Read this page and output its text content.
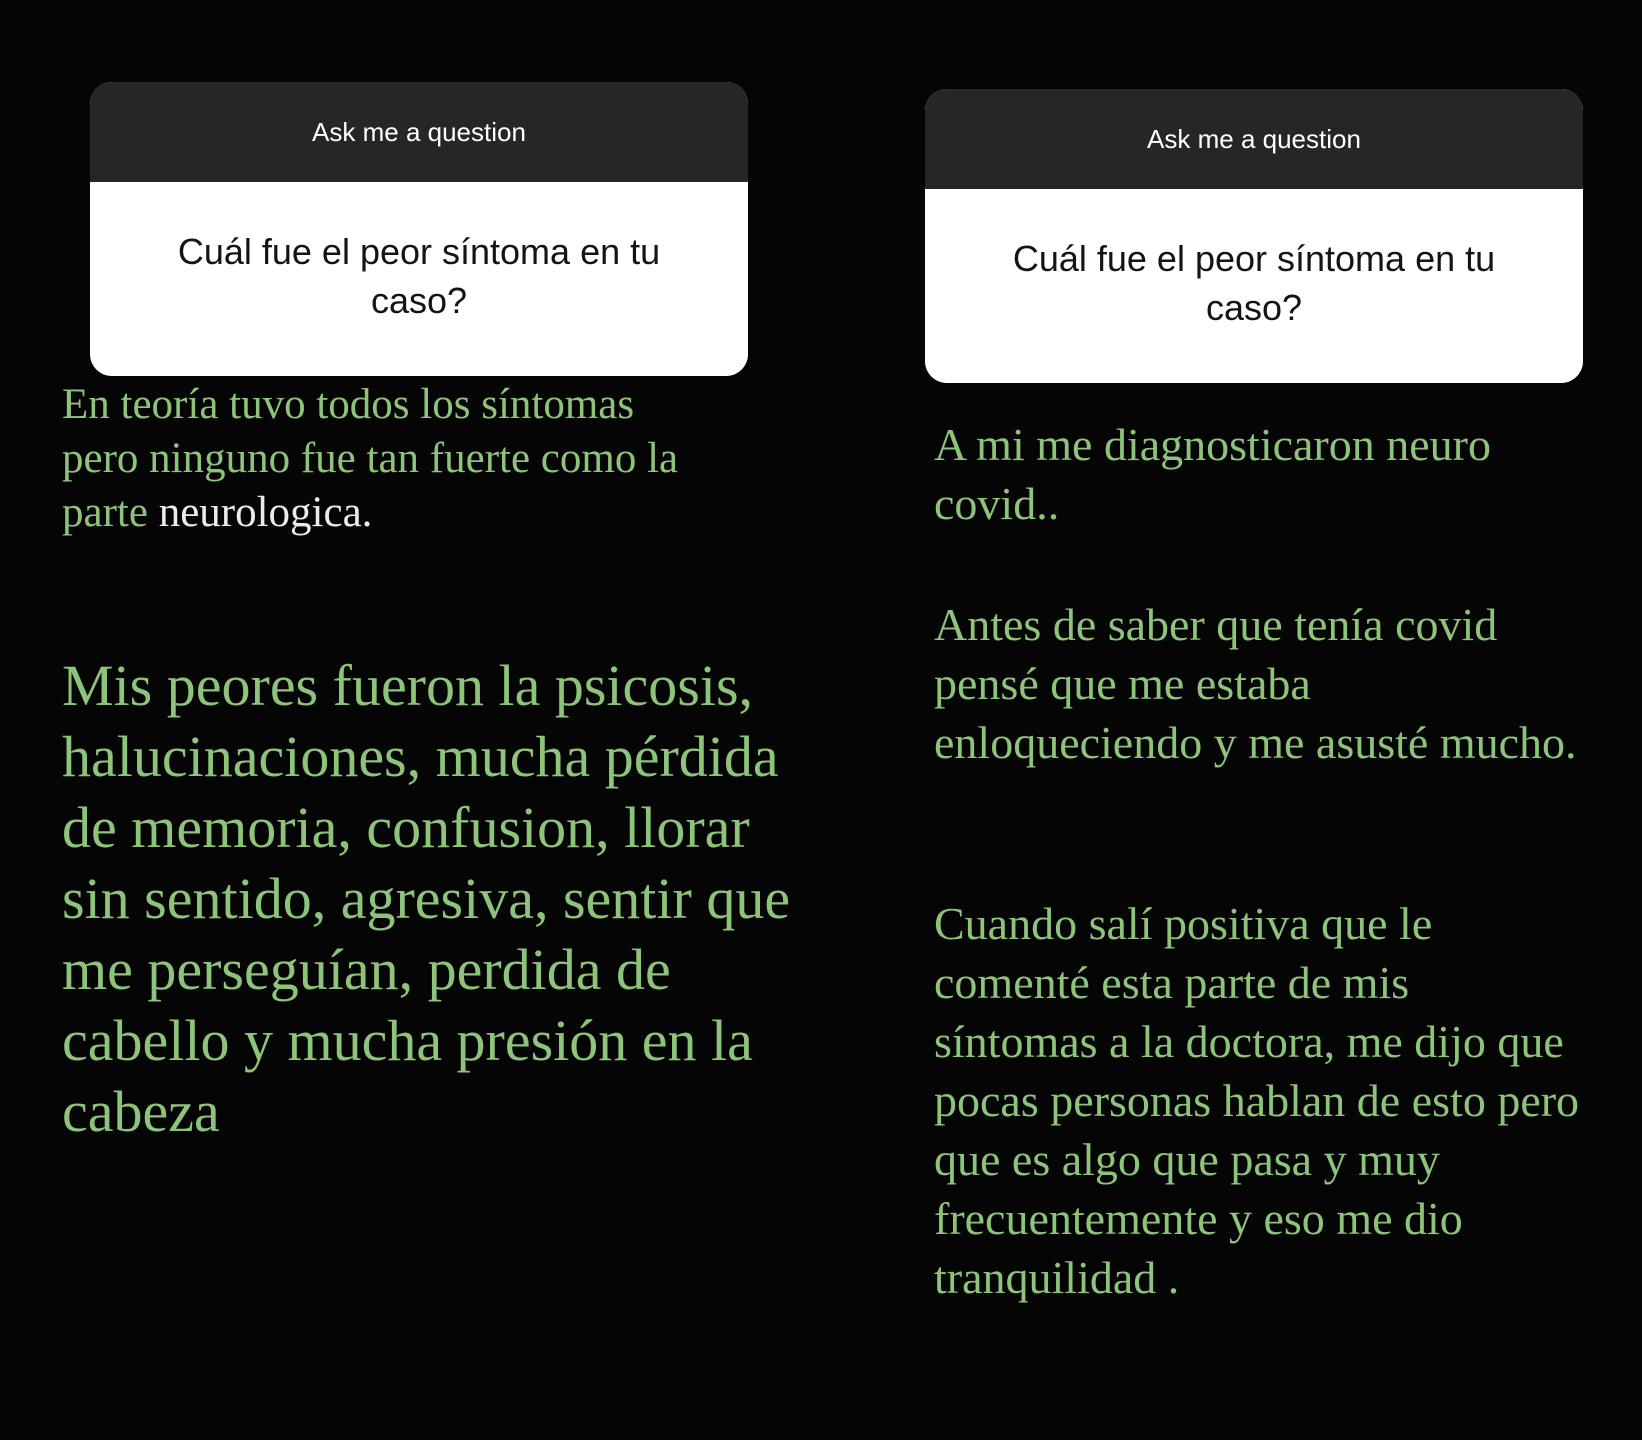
Ask me a question
Cuál fue el peor síntoma en tu caso?

En teoría tuvo todos los síntomas pero ninguno fue tan fuerte como la parte neurologica.

Mis peores fueron la psicosis, halucinaciones, mucha pérdida de memoria, confusion, llorar sin sentido, agresiva, sentir que me perseguían, perdida de cabello y mucha presión en la cabeza

Ask me a question
Cuál fue el peor síntoma en tu caso?

A mi me diagnosticaron neuro covid..

Antes de saber que tenía covid pensé que me estaba enloqueciendo y me asusté mucho.

Cuando salí positiva que le comenté esta parte de mis síntomas a la doctora, me dijo que pocas personas hablan de esto pero que es algo que pasa y muy frecuentemente y eso me dio tranquilidad .
